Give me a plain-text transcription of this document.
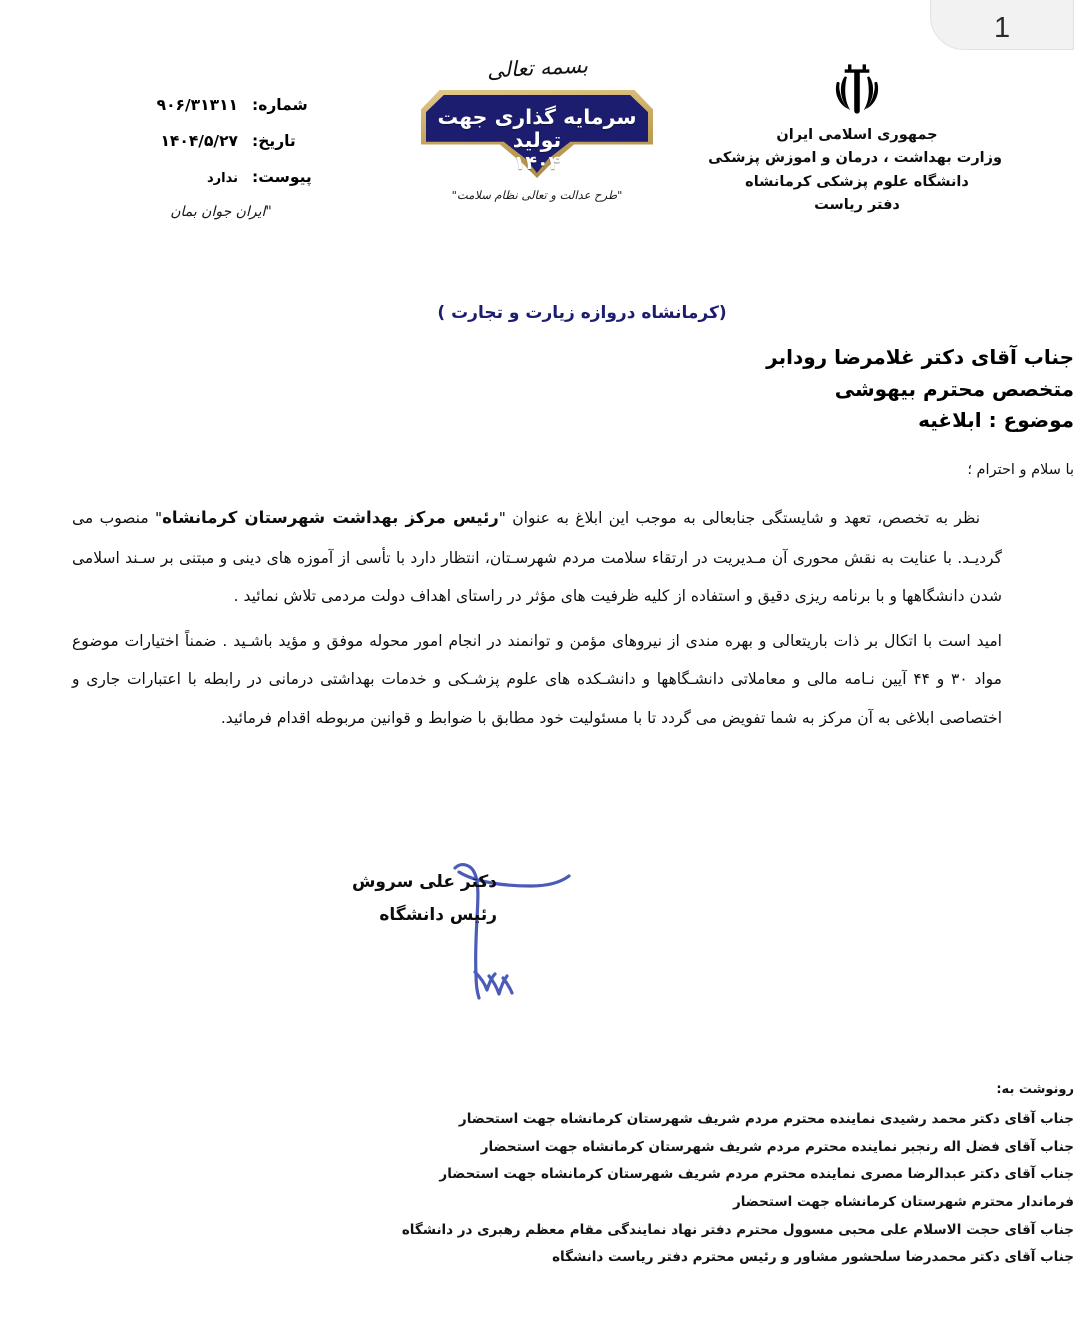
1
جمهوری اسلامی ایران
وزارت بهداشت ، درمان و اموزش پزشکی
دانشگاه علوم پزشکی کرمانشاه
دفتر ریاست
بسمه تعالی
سرمایه گذاری جهت تولید
۱۴۰۴
"طرح عدالت و تعالی نظام سلامت"
شماره:
۹۰۶/۳۱۳۱۱
تاریخ:
۱۴۰۴/۵/۲۷
پیوست:
ندارد
"ایران جوان بمان
(کرمانشاه دروازه زیارت و تجارت )
جناب آقای دکتر غلامرضا رودابر
متخصص محترم بیهوشی
موضوع : ابلاغیه
با سلام و احترام ؛
نظر به تخصص، تعهد و شایستگی جنابعالی به موجب این ابلاغ به عنوان "رئیس مرکز بهداشت شهرستان کرمانشاه" منصوب می گردیـد. با عنایت به نقش محوری آن مـدیریت در ارتقاء سلامت مردم شهرسـتان، انتظار دارد با تأسی از آموزه های دینی و مبتنی بر سـند اسلامی شدن دانشگاهها و با برنامه ریزی دقیق و استفاده از کلیه ظرفیت های مؤثر در راستای اهداف دولت مردمی تلاش نمائید .
امید است با اتکال بر ذات باریتعالی و بهره مندی از نیروهای مؤمن و توانمند در انجام امور محوله موفق و مؤید باشـید . ضمناً اختیارات موضوع مواد ۳۰ و ۴۴ آیین نـامه مالی و معاملاتی دانشـگاهها و دانشـکده های علوم پزشـکی و خدمات بهداشتی درمانی در رابطه با اعتبارات جاری و اختصاصی ابلاغی به آن مرکز به شما تفویض می گردد تا با مسئولیت خود مطابق با ضوابط و قوانین مربوطه اقدام فرمائید.
دکتر علی سروش
رئیس دانشگاه
رونوشت به:
جناب آقای دکتر محمد رشیدی نماینده محترم مردم شریف شهرستان کرمانشاه جهت استحضار
جناب آقای فضل اله رنجبر نماینده محترم مردم شریف شهرستان کرمانشاه جهت استحضار
جناب آقای دکتر عبدالرضا مصری نماینده محترم مردم شریف شهرستان کرمانشاه جهت استحضار
فرماندار محترم شهرستان کرمانشاه جهت استحضار
جناب آقای حجت الاسلام علی محبی مسوول محترم دفتر نهاد نمایندگی مقام معظم رهبری در دانشگاه
جناب آقای دکتر محمدرضا سلحشور مشاور و رئیس محترم دفتر ریاست دانشگاه
